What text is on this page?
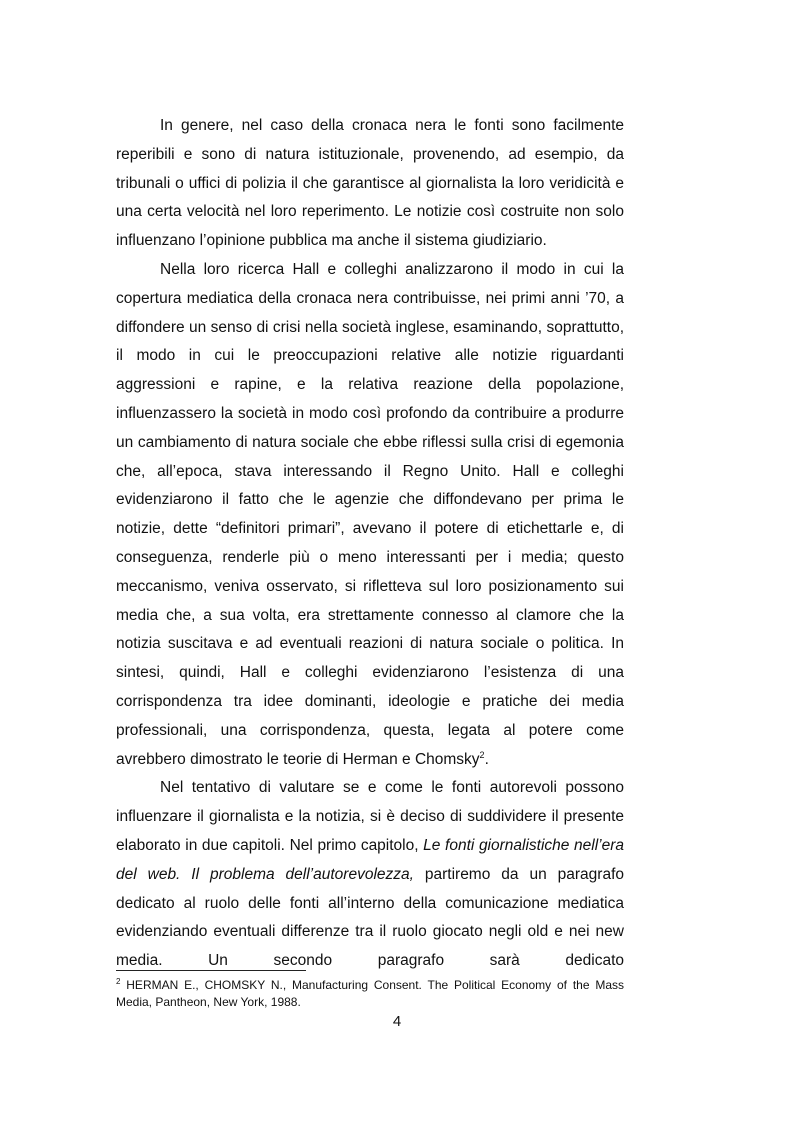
In genere, nel caso della cronaca nera le fonti sono facilmente reperibili e sono di natura istituzionale, provenendo, ad esempio, da tribunali o uffici di polizia il che garantisce al giornalista la loro veridicità e una certa velocità nel loro reperimento. Le notizie così costruite non solo influenzano l’opinione pubblica ma anche il sistema giudiziario.

Nella loro ricerca Hall e colleghi analizzarono il modo in cui la copertura mediatica della cronaca nera contribuisse, nei primi anni ’70, a diffondere un senso di crisi nella società inglese, esaminando, soprattutto, il modo in cui le preoccupazioni relative alle notizie riguardanti aggressioni e rapine, e la relativa reazione della popolazione, influenzassero la società in modo così profondo da contribuire a produrre un cambiamento di natura sociale che ebbe riflessi sulla crisi di egemonia che, all’epoca, stava interessando il Regno Unito. Hall e colleghi evidenziarono il fatto che le agenzie che diffondevano per prima le notizie, dette “definitori primari”, avevano il potere di etichettarle e, di conseguenza, renderle più o meno interessanti per i media; questo meccanismo, veniva osservato, si rifletteva sul loro posizionamento sui media che, a sua volta, era strettamente connesso al clamore che la notizia suscitava e ad eventuali reazioni di natura sociale o politica. In sintesi, quindi, Hall e colleghi evidenziarono l’esistenza di una corrispondenza tra idee dominanti, ideologie e pratiche dei media professionali, una corrispondenza, questa, legata al potere come avrebbero dimostrato le teorie di Herman e Chomsky$^2$.

Nel tentativo di valutare se e come le fonti autorevoli possono influenzare il giornalista e la notizia, si è deciso di suddividere il presente elaborato in due capitoli. Nel primo capitolo, Le fonti giornalistiche nell’era del web. Il problema dell’autorevolezza, partiremo da un paragrafo dedicato al ruolo delle fonti all’interno della comunicazione mediatica evidenziando eventuali differenze tra il ruolo giocato negli old e nei new media. Un secondo paragrafo sarà dedicato

$^2$ HERMAN E., CHOMSKY N., Manufacturing Consent. The Political Economy of the Mass Media, Pantheon, New York, 1988.

4
